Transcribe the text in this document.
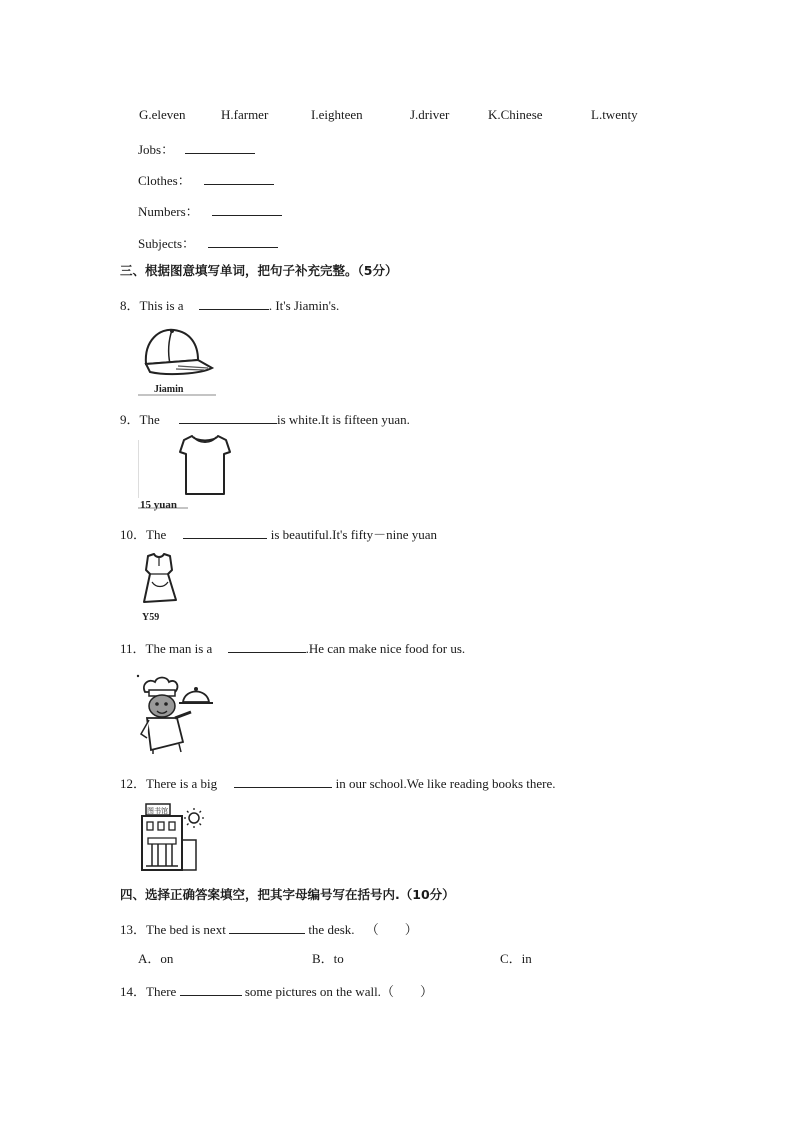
G.eleven	H.farmer	I.eighteen	J.driver	K.Chinese	L.twenty
Jobs：
Clothes：
Numbers：
Subjects：
三、根据图意填写单词，把句子补充完整。（5分）
8．This is a	. It's Jiamin's.
Jiamin
9．The	is white.It is fifteen yuan.
15 yuan
10．The	is beautiful.It's fifty－nine yuan
Y59
11．The man is a	.He can make nice food for us.
12．There is a big	in our school.We like reading books there.
图书馆
四、选择正确答案填空，把其字母编号写在括号内.（10分）
13．The bed is next	the desk. （　　）
A．on	B．to	C．in
14．There	some pictures on the wall.（　　）
